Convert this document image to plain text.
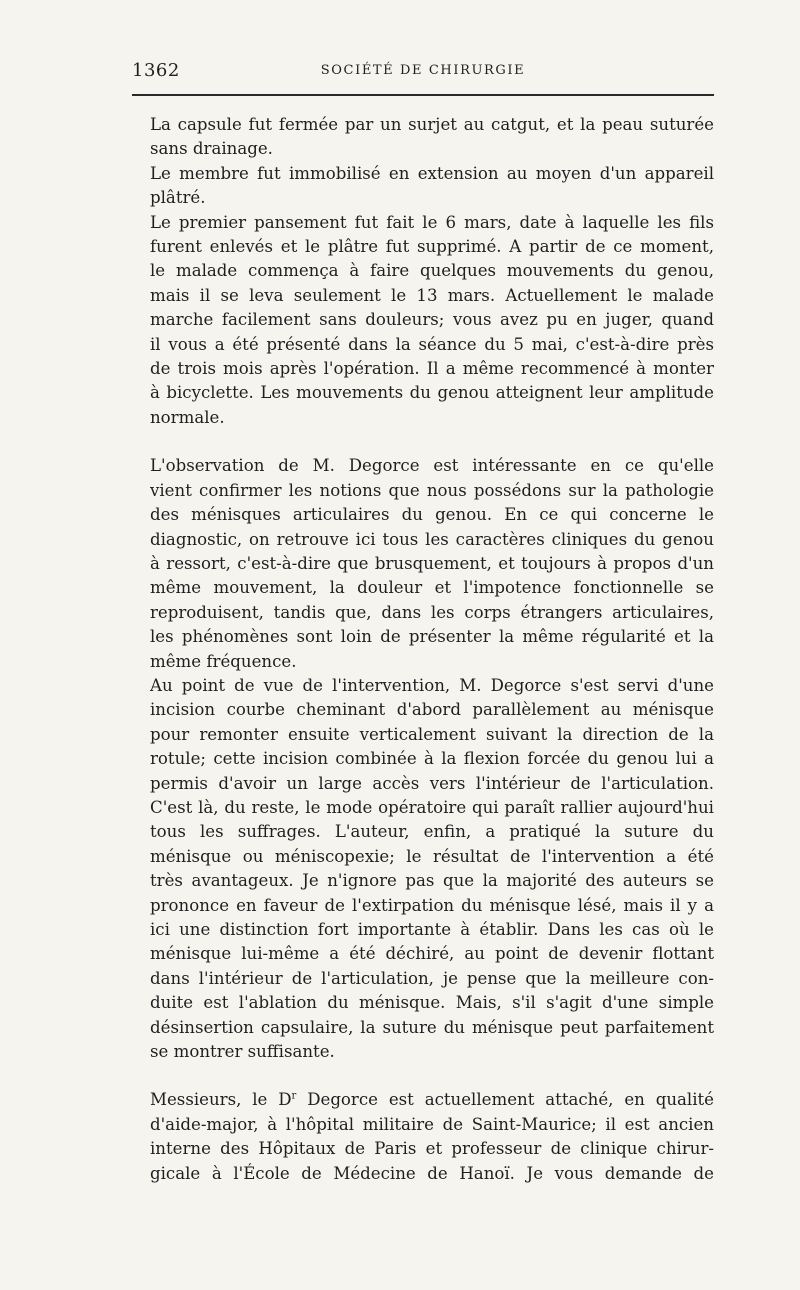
1362	SOCIÉTÉ DE CHIRURGIE

La capsule fut fermée par un surjet au catgut, et la peau suturée
sans drainage.

Le membre fut immobilisé en extension au moyen d'un appareil
plâtré.

Le premier pansement fut fait le 6 mars, date à laquelle les fils
furent enlevés et le plâtre fut supprimé. A partir de ce moment,
le malade commença à faire quelques mouvements du genou,
mais il se leva seulement le 13 mars. Actuellement le malade
marche facilement sans douleurs; vous avez pu en juger, quand
il vous a été présenté dans la séance du 5 mai, c'est-à-dire près
de trois mois après l'opération. Il a même recommencé à monter
à bicyclette. Les mouvements du genou atteignent leur amplitude
normale.

L'observation de M. Degorce est intéressante en ce qu'elle
vient confirmer les notions que nous possédons sur la pathologie
des ménisques articulaires du genou. En ce qui concerne le
diagnostic, on retrouve ici tous les caractères cliniques du genou
à ressort, c'est-à-dire que brusquement, et toujours à propos d'un
même mouvement, la douleur et l'impotence fonctionnelle se
reproduisent, tandis que, dans les corps étrangers articulaires,
les phénomènes sont loin de présenter la même régularité et la
même fréquence.

Au point de vue de l'intervention, M. Degorce s'est servi d'une
incision courbe cheminant d'abord parallèlement au ménisque
pour remonter ensuite verticalement suivant la direction de la
rotule; cette incision combinée à la flexion forcée du genou lui a
permis d'avoir un large accès vers l'intérieur de l'articulation.
C'est là, du reste, le mode opératoire qui paraît rallier aujourd'hui
tous les suffrages. L'auteur, enfin, a pratiqué la suture du
ménisque ou méniscopexie; le résultat de l'intervention a été
très avantageux. Je n'ignore pas que la majorité des auteurs se
prononce en faveur de l'extirpation du ménisque lésé, mais il y a
ici une distinction fort importante à établir. Dans les cas où le
ménisque lui-même a été déchiré, au point de devenir flottant
dans l'intérieur de l'articulation, je pense que la meilleure con-
duite est l'ablation du ménisque. Mais, s'il s'agit d'une simple
désinsertion capsulaire, la suture du ménisque peut parfaitement
se montrer suffisante.

Messieurs, le $D^r$ Degorce est actuellement attaché, en qualité
d'aide-major, à l'hôpital militaire de Saint-Maurice; il est ancien
interne des Hôpitaux de Paris et professeur de clinique chirur-
gicale à l'École de Médecine de Hanoï. Je vous demande de
